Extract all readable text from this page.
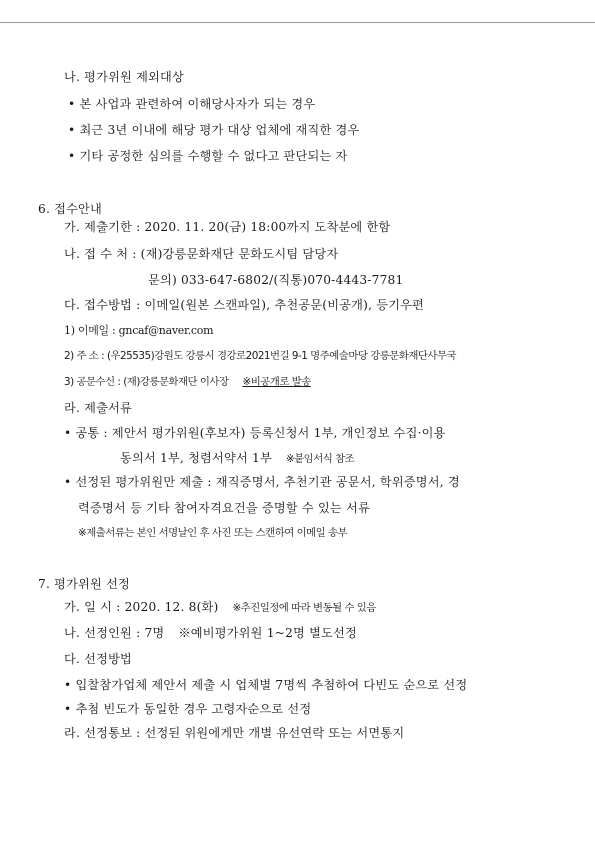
나. 평가위원 제외대상
• 본 사업과 관련하여 이해당사자가 되는 경우
• 최근 3년 이내에 해당 평가 대상 업체에 재직한 경우
• 기타 공정한 심의를 수행할 수 없다고 판단되는 자
6. 접수안내
가. 제출기한 : 2020. 11. 20(금) 18:00까지 도착분에 한함
나. 접 수 처 : (재)강릉문화재단 문화도시팀 담당자
문의) 033-647-6802/(직통)070-4443-7781
다. 접수방법 : 이메일(원본 스캔파일), 추천공문(비공개), 등기우편
1) 이메일 : gncaf@naver.com
2) 주 소 : (우25535)강원도 강릉시 경강로2021번길 9-1 명주예술마당 강릉문화재단사무국
3) 공문수신 : (재)강릉문화재단 이사장 ※비공개로 발송
라. 제출서류
• 공통 : 제안서 평가위원(후보자) 등록신청서 1부, 개인정보 수집·이용
동의서 1부, 청렴서약서 1부 ※붙임서식 참조
• 선정된 평가위원만 제출 : 재직증명서, 추천기관 공문서, 학위증명서, 경
력증명서 등 기타 참여자격요건을 증명할 수 있는 서류
※제출서류는 본인 서명날인 후 사진 또는 스캔하여 이메일 송부
7. 평가위원 선정
가. 일 시 : 2020. 12. 8(화) ※추진일정에 따라 변동될 수 있음
나. 선정인원 : 7명 ※예비평가위원 1~2명 별도선정
다. 선정방법
• 입찰참가업체 제안서 제출 시 업체별 7명씩 추첨하여 다빈도 순으로 선정
• 추첨 빈도가 동일한 경우 고령자순으로 선정
라. 선정통보 : 선정된 위원에게만 개별 유선연락 또는 서면통지
